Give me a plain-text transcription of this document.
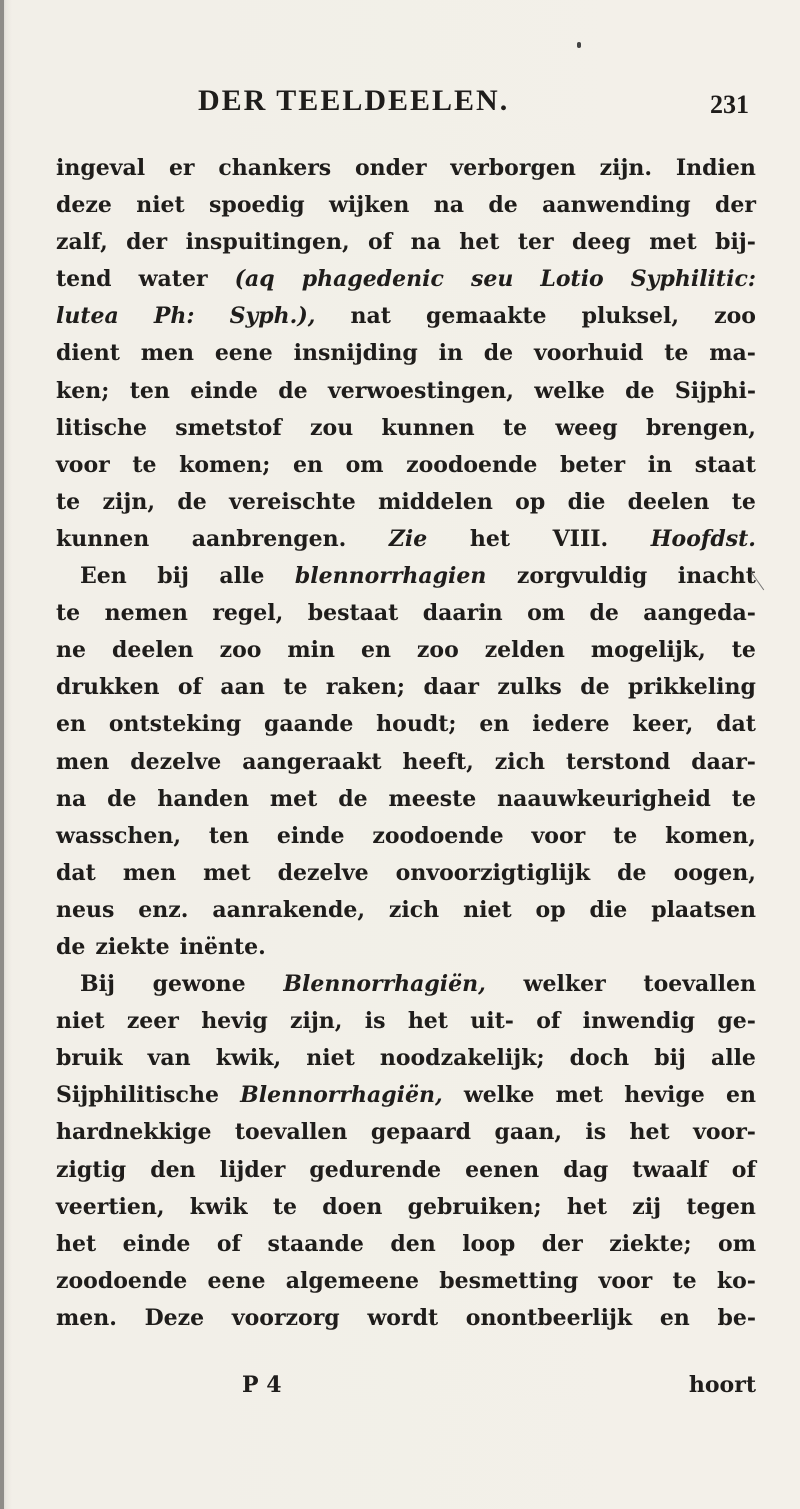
DER TEELDEELEN.	231
ingeval er chankers onder verborgen zijn. Indien
deze niet spoedig wijken na de aanwending der
zalf, der inspuitingen, of na het ter deeg met bij-
tend water (aq phagedenic seu Lotio Syphilitic:
lutea Ph: Syph.), nat gemaakte pluksel, zoo
dient men eene insnijding in de voorhuid te ma-
ken; ten einde de verwoestingen, welke de Sijphi-
litische smetstof zou kunnen te weeg brengen,
voor te komen; en om zoodoende beter in staat
te zijn, de vereischte middelen op die deelen te
kunnen aanbrengen. Zie het VIII. Hoofdst.
Een bij alle blennorrhagien zorgvuldig inacht
te nemen regel, bestaat daarin om de aangeda-
ne deelen zoo min en zoo zelden mogelijk, te
drukken of aan te raken; daar zulks de prikkeling
en ontsteking gaande houdt; en iedere keer, dat
men dezelve aangeraakt heeft, zich terstond daar-
na de handen met de meeste naauwkeurigheid te
wasschen, ten einde zoodoende voor te komen,
dat men met dezelve onvoorzigtiglijk de oogen,
neus enz. aanrakende, zich niet op die plaatsen
de ziekte inënte.
Bij gewone Blennorrhagiën, welker toevallen
niet zeer hevig zijn, is het uit- of inwendig ge-
bruik van kwik, niet noodzakelijk; doch bij alle
Sijphilitische Blennorrhagiën, welke met hevige en
hardnekkige toevallen gepaard gaan, is het voor-
zigtig den lijder gedurende eenen dag twaalf of
veertien, kwik te doen gebruiken; het zij tegen
het einde of staande den loop der ziekte; om
zoodoende eene algemeene besmetting voor te ko-
men. Deze voorzorg wordt onontbeerlijk en be-
P 4	hoort
